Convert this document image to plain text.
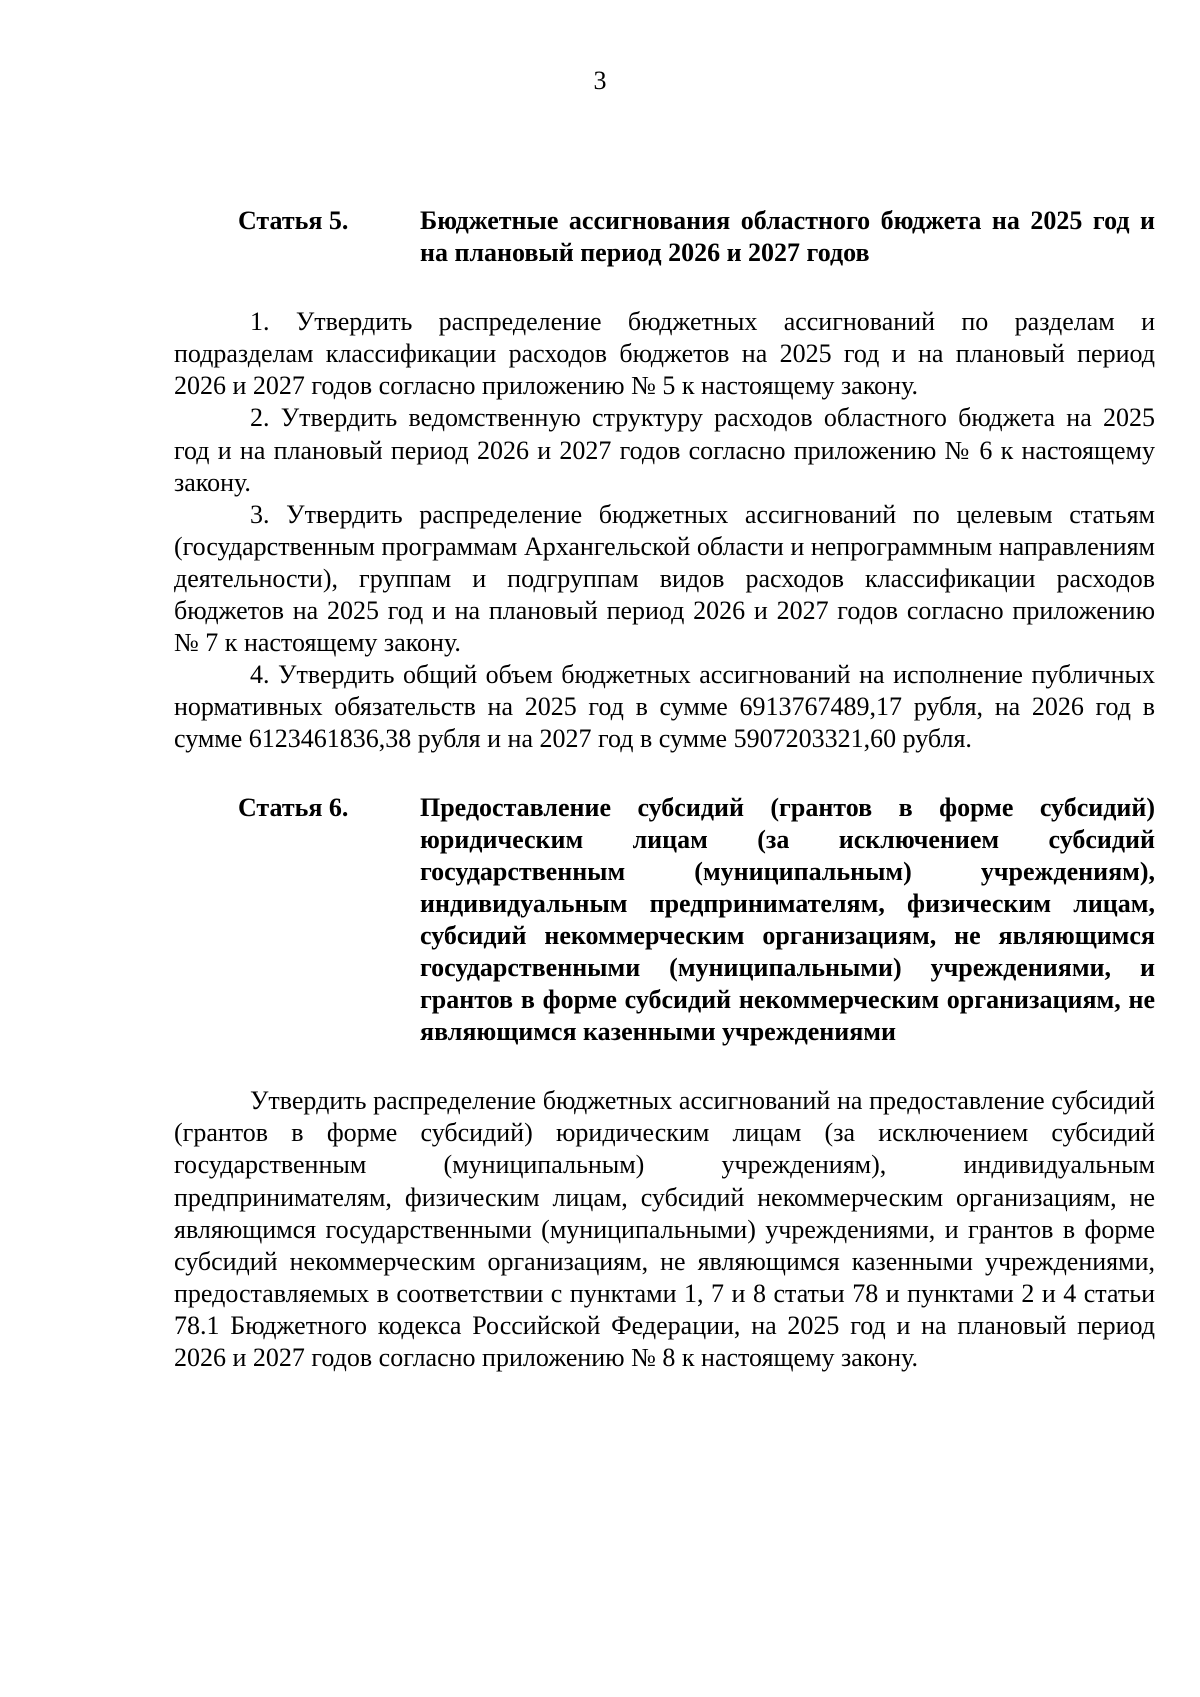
3
Статья 5.	Бюджетные ассигнования областного бюджета на 2025 год и на плановый период 2026 и 2027 годов

1. Утвердить распределение бюджетных ассигнований по разделам и подразделам классификации расходов бюджетов на 2025 год и на плановый период 2026 и 2027 годов согласно приложению № 5 к настоящему закону.

2. Утвердить ведомственную структуру расходов областного бюджета на 2025 год и на плановый период 2026 и 2027 годов согласно приложению № 6 к настоящему закону.

3. Утвердить распределение бюджетных ассигнований по целевым статьям (государственным программам Архангельской области и непрограммным направлениям деятельности), группам и подгруппам видов расходов классификации расходов бюджетов на 2025 год и на плановый период 2026 и 2027 годов согласно приложению № 7 к настоящему закону.

4. Утвердить общий объем бюджетных ассигнований на исполнение публичных нормативных обязательств на 2025 год в сумме 6913767489,17 рубля, на 2026 год в сумме 6123461836,38 рубля и на 2027 год в сумме 5907203321,60 рубля.

Статья 6.	Предоставление субсидий (грантов в форме субсидий) юридическим лицам (за исключением субсидий государственным (муниципальным) учреждениям), индивидуальным предпринимателям, физическим лицам, субсидий некоммерческим организациям, не являющимся государственными (муниципальными) учреждениями, и грантов в форме субсидий некоммерческим организациям, не являющимся казенными учреждениями

Утвердить распределение бюджетных ассигнований на предоставление субсидий (грантов в форме субсидий) юридическим лицам (за исключением субсидий государственным (муниципальным) учреждениям), индивидуальным предпринимателям, физическим лицам, субсидий некоммерческим организациям, не являющимся государственными (муниципальными) учреждениями, и грантов в форме субсидий некоммерческим организациям, не являющимся казенными учреждениями, предоставляемых в соответствии с пунктами 1, 7 и 8 статьи 78 и пунктами 2 и 4 статьи 78.1 Бюджетного кодекса Российской Федерации, на 2025 год и на плановый период 2026 и 2027 годов согласно приложению № 8 к настоящему закону.
